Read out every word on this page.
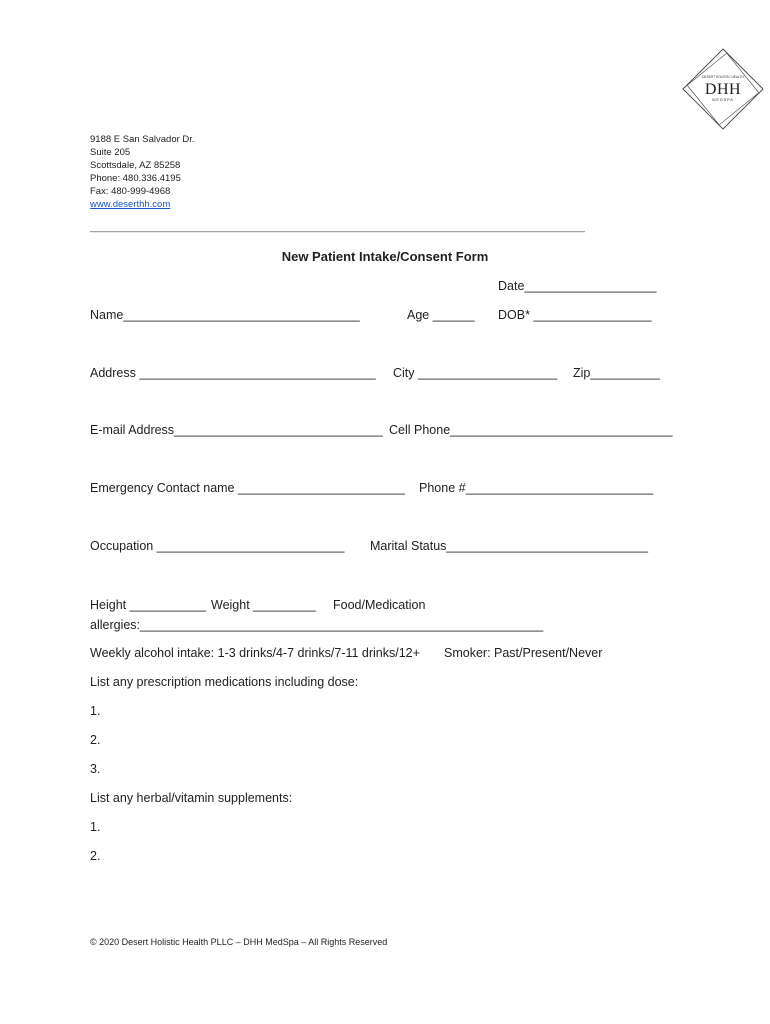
DESERT HOLISTIC HEALTH
DHH
MEDSPA
9188 E San Salvador Dr.
Suite 205
Scottsdale, AZ 85258
Phone: 480.336.4195
Fax: 480-999-4968
www.deserthh.com
______________________________________________________________________________________________
New Patient Intake/Consent Form
Date___________________
Name__________________________________	Age ______ DOB* _________________
Address __________________________________ City ____________________ Zip__________
E-mail Address______________________________ Cell Phone________________________________
Emergency Contact name ________________________ Phone #___________________________
Occupation ___________________________ Marital Status_____________________________
Height ___________ Weight _________ Food/Medication
allergies:__________________________________________________________
Weekly alcohol intake: 1-3 drinks/4-7 drinks/7-11 drinks/12+ Smoker: Past/Present/Never
List any prescription medications including dose:
1.
2.
3.
List any herbal/vitamin supplements:
1.
2.
© 2020 Desert Holistic Health PLLC – DHH MedSpa – All Rights Reserved
